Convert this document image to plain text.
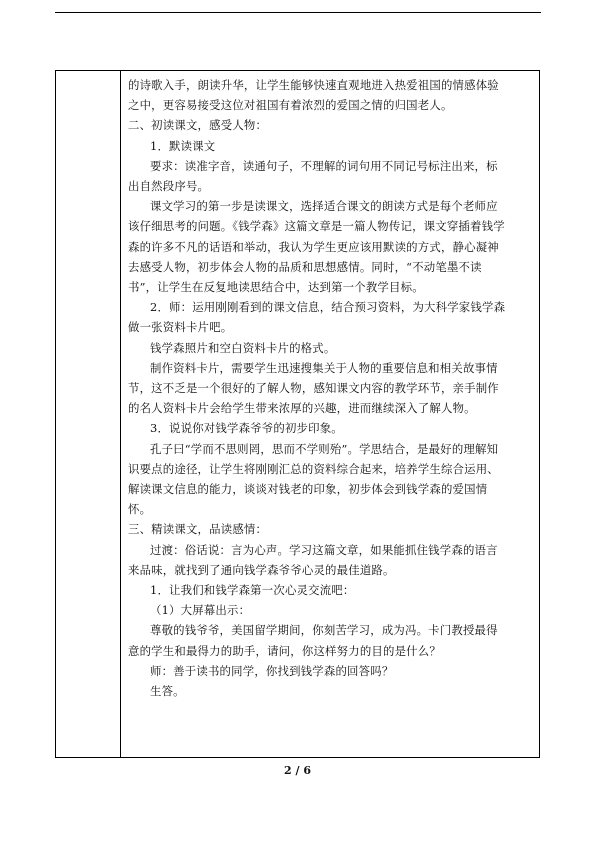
的诗歌入手，朗读升华，让学生能够快速直观地进入热爱祖国的情感体验
之中，更容易接受这位对祖国有着浓烈的爱国之情的归国老人。
二、初读课文，感受人物：
1．默读课文
要求：读准字音，读通句子，不理解的词句用不同记号标注出来，标
出自然段序号。
课文学习的第一步是读课文，选择适合课文的朗读方式是每个老师应
该仔细思考的问题。《钱学森》这篇文章是一篇人物传记，课文穿插着钱学
森的许多不凡的话语和举动，我认为学生更应该用默读的方式，静心凝神
去感受人物，初步体会人物的品质和思想感情。同时，“不动笔墨不读
书”，让学生在反复地读思结合中，达到第一个教学目标。
2．师：运用刚刚看到的课文信息，结合预习资料，为大科学家钱学森
做一张资料卡片吧。
钱学森照片和空白资料卡片的格式。
制作资料卡片，需要学生迅速搜集关于人物的重要信息和相关故事情
节，这不乏是一个很好的了解人物，感知课文内容的教学环节，亲手制作
的名人资料卡片会给学生带来浓厚的兴趣，进而继续深入了解人物。
3．说说你对钱学森爷爷的初步印象。
孔子曰“学而不思则罔，思而不学则殆”。学思结合，是最好的理解知
识要点的途径，让学生将刚刚汇总的资料综合起来，培养学生综合运用、
解读课文信息的能力，谈谈对钱老的印象，初步体会到钱学森的爱国情
怀。
三、精读课文，品读感情：
过渡：俗话说：言为心声。学习这篇文章，如果能抓住钱学森的语言
来品味，就找到了通向钱学森爷爷心灵的最佳道路。
1．让我们和钱学森第一次心灵交流吧：
（1）大屏幕出示：
尊敬的钱爷爷，美国留学期间，你刻苦学习，成为冯。卡门教授最得
意的学生和最得力的助手，请问，你这样努力的目的是什么？
师：善于读书的同学，你找到钱学森的回答吗？
生答。
2 / 6
